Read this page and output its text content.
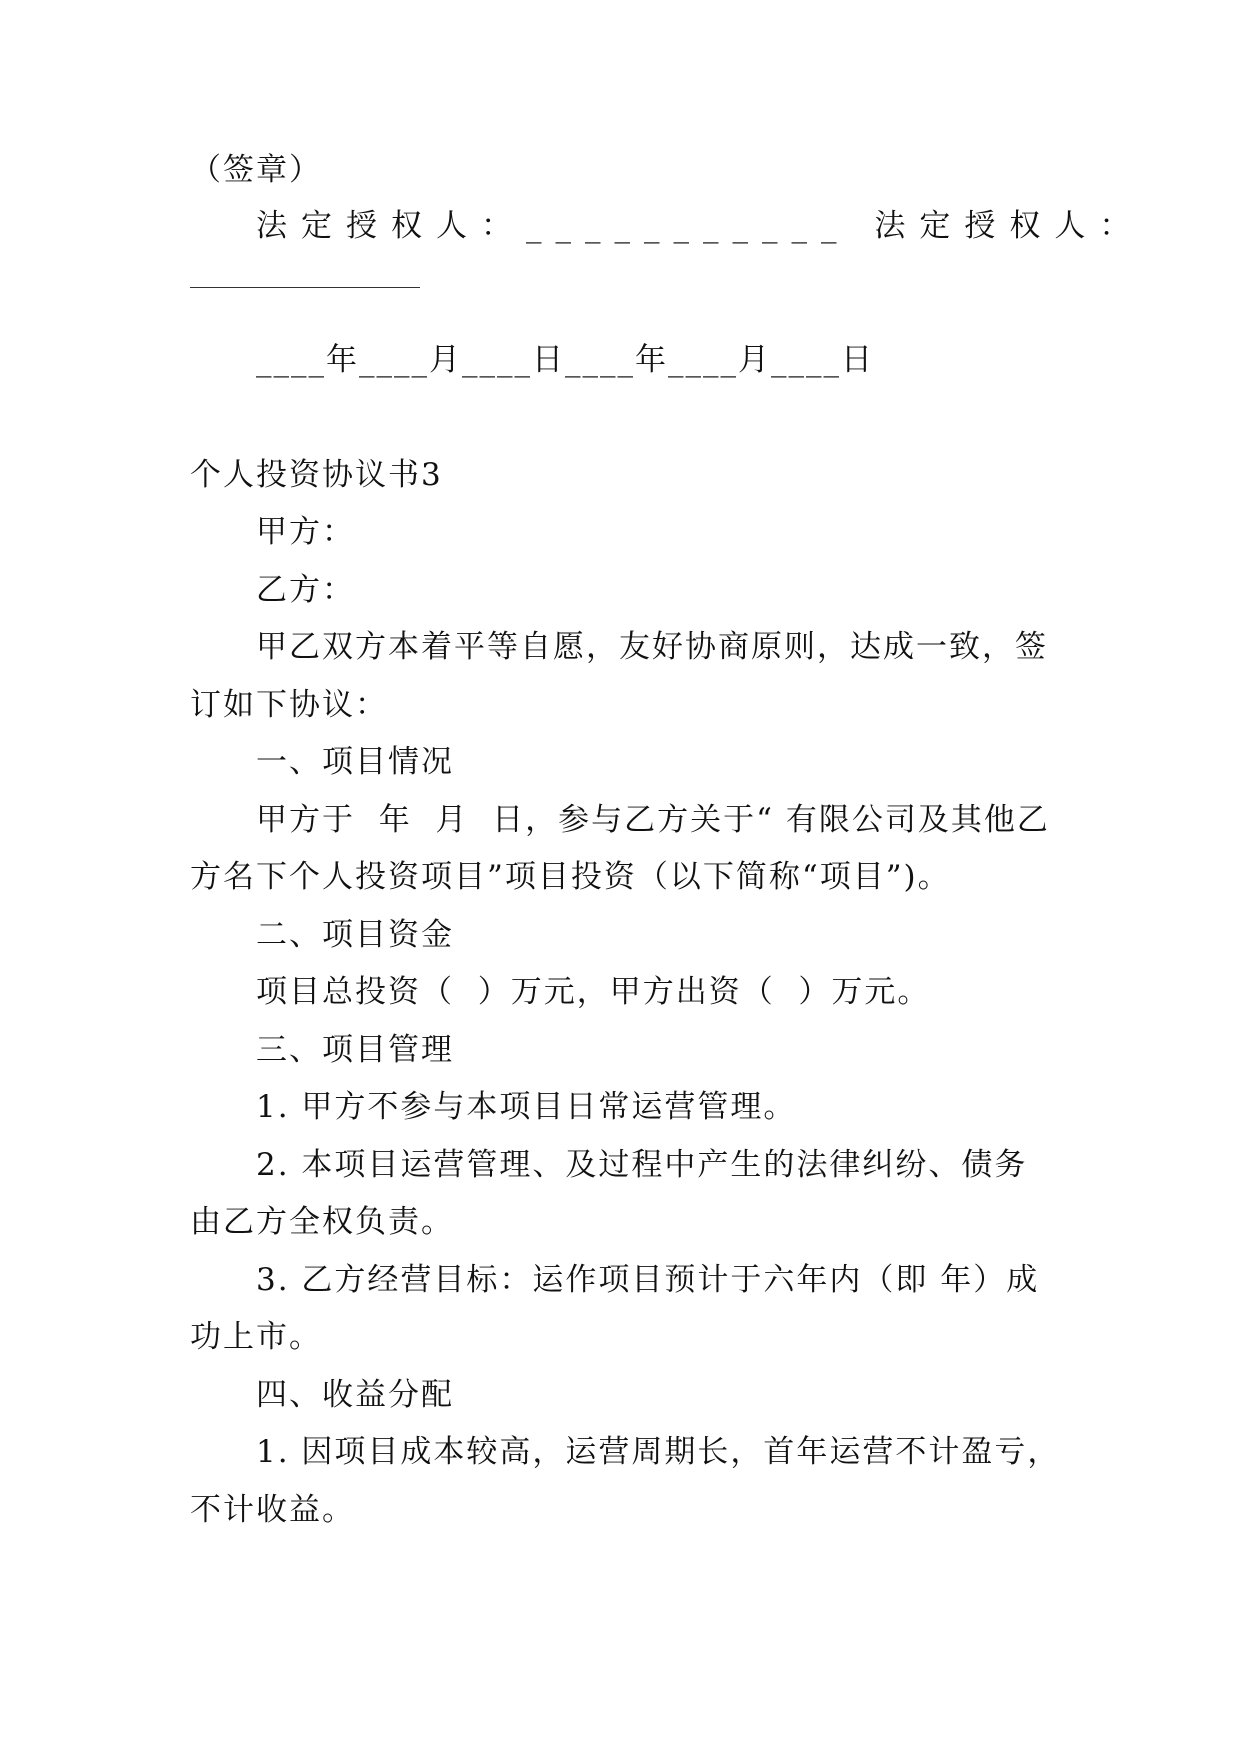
（签章）
法定授权人：___________ 法定授权人：
____年____月____日____年____月____日
个人投资协议书3
甲方：
乙方：
甲乙双方本着平等自愿，友好协商原则，达成一致，签
订如下协议：
一、项目情况
甲方于  年  月  日，参与乙方关于“ 有限公司及其他乙
方名下个人投资项目”项目投资（以下简称“项目”)。
二、项目资金
项目总投资（  ）万元，甲方出资（  ）万元。
三、项目管理
1. 甲方不参与本项目日常运营管理。
2. 本项目运营管理、及过程中产生的法律纠纷、债务
由乙方全权负责。
3. 乙方经营目标：运作项目预计于六年内（即 年）成
功上市。
四、收益分配
1. 因项目成本较高，运营周期长，首年运营不计盈亏，
不计收益。
